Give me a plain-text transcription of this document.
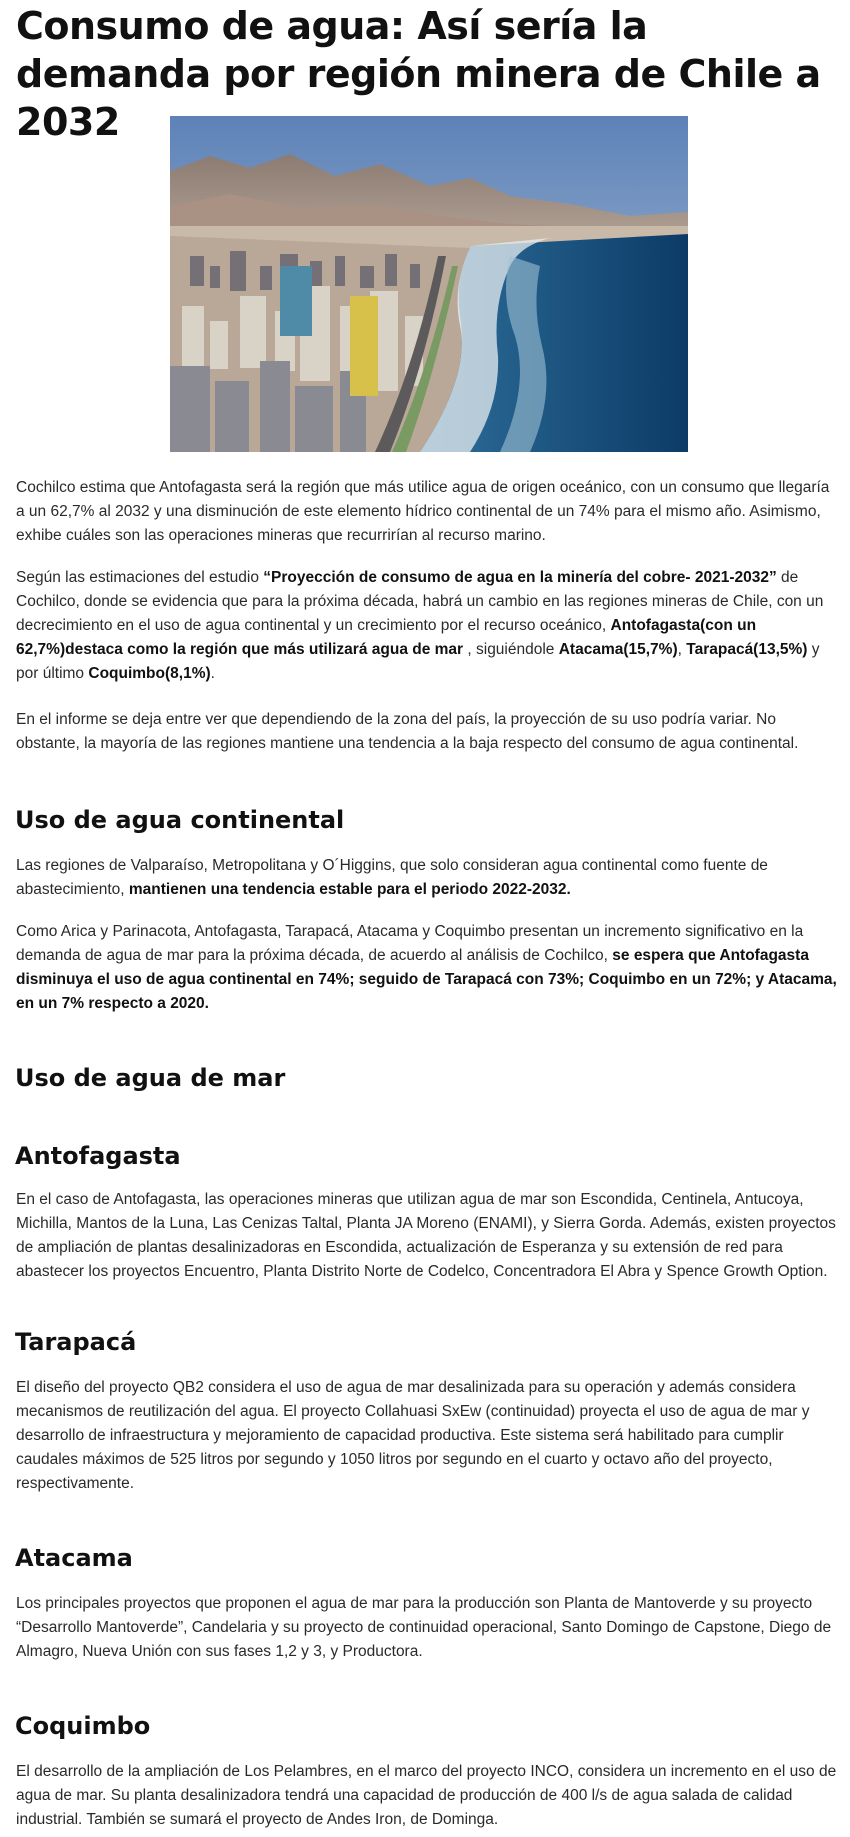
Consumo de agua: Así sería la demanda por región minera de Chile a 2032

Cochilco estima que Antofagasta será la región que más utilice agua de origen oceánico, con un consumo que llegaría a un 62,7% al 2032 y una disminución de este elemento hídrico continental de un 74% para el mismo año. Asimismo, exhibe cuáles son las operaciones mineras que recurrirían al recurso marino.

Según las estimaciones del estudio “Proyección de consumo de agua en la minería del cobre- 2021-2032” de Cochilco, donde se evidencia que para la próxima década, habrá un cambio en las regiones mineras de Chile, con un decrecimiento en el uso de agua continental y un crecimiento por el recurso oceánico, Antofagasta(con un 62,7%)destaca como la región que más utilizará agua de mar , siguiéndole Atacama(15,7%), Tarapacá(13,5%) y por último Coquimbo(8,1%).

En el informe se deja entre ver que dependiendo de la zona del país, la proyección de su uso podría variar. No obstante, la mayoría de las regiones mantiene una tendencia a la baja respecto del consumo de agua continental.

Uso de agua continental

Las regiones de Valparaíso, Metropolitana y O´Higgins, que solo consideran agua continental como fuente de abastecimiento, mantienen una tendencia estable para el periodo 2022-2032.

Como Arica y Parinacota, Antofagasta, Tarapacá, Atacama y Coquimbo presentan un incremento significativo en la demanda de agua de mar para la próxima década, de acuerdo al análisis de Cochilco, se espera que Antofagasta disminuya el uso de agua continental en 74%; seguido de Tarapacá con 73%; Coquimbo en un 72%; y Atacama, en un 7% respecto a 2020.

Uso de agua de mar
Antofagasta

En el caso de Antofagasta, las operaciones mineras que utilizan agua de mar son Escondida, Centinela, Antucoya, Michilla, Mantos de la Luna, Las Cenizas Taltal, Planta JA Moreno (ENAMI), y Sierra Gorda. Además, existen proyectos de ampliación de plantas desalinizadoras en Escondida, actualización de Esperanza y su extensión de red para abastecer los proyectos Encuentro, Planta Distrito Norte de Codelco, Concentradora El Abra y Spence Growth Option.

Tarapacá

El diseño del proyecto QB2 considera el uso de agua de mar desalinizada para su operación y además considera mecanismos de reutilización del agua. El proyecto Collahuasi SxEw (continuidad) proyecta el uso de agua de mar y desarrollo de infraestructura y mejoramiento de capacidad productiva. Este sistema será habilitado para cumplir caudales máximos de 525 litros por segundo y 1050 litros por segundo en el cuarto y octavo año del proyecto, respectivamente.

Atacama

Los principales proyectos que proponen el agua de mar para la producción son Planta de Mantoverde y su proyecto “Desarrollo Mantoverde”, Candelaria y su proyecto de continuidad operacional, Santo Domingo de Capstone, Diego de Almagro, Nueva Unión con sus fases 1,2 y 3, y Productora.

Coquimbo

El desarrollo de la ampliación de Los Pelambres, en el marco del proyecto INCO, considera un incremento en el uso de agua de mar. Su planta desalinizadora tendrá una capacidad de producción de 400 l/s de agua salada de calidad industrial. También se sumará el proyecto de Andes Iron, de Dominga.
